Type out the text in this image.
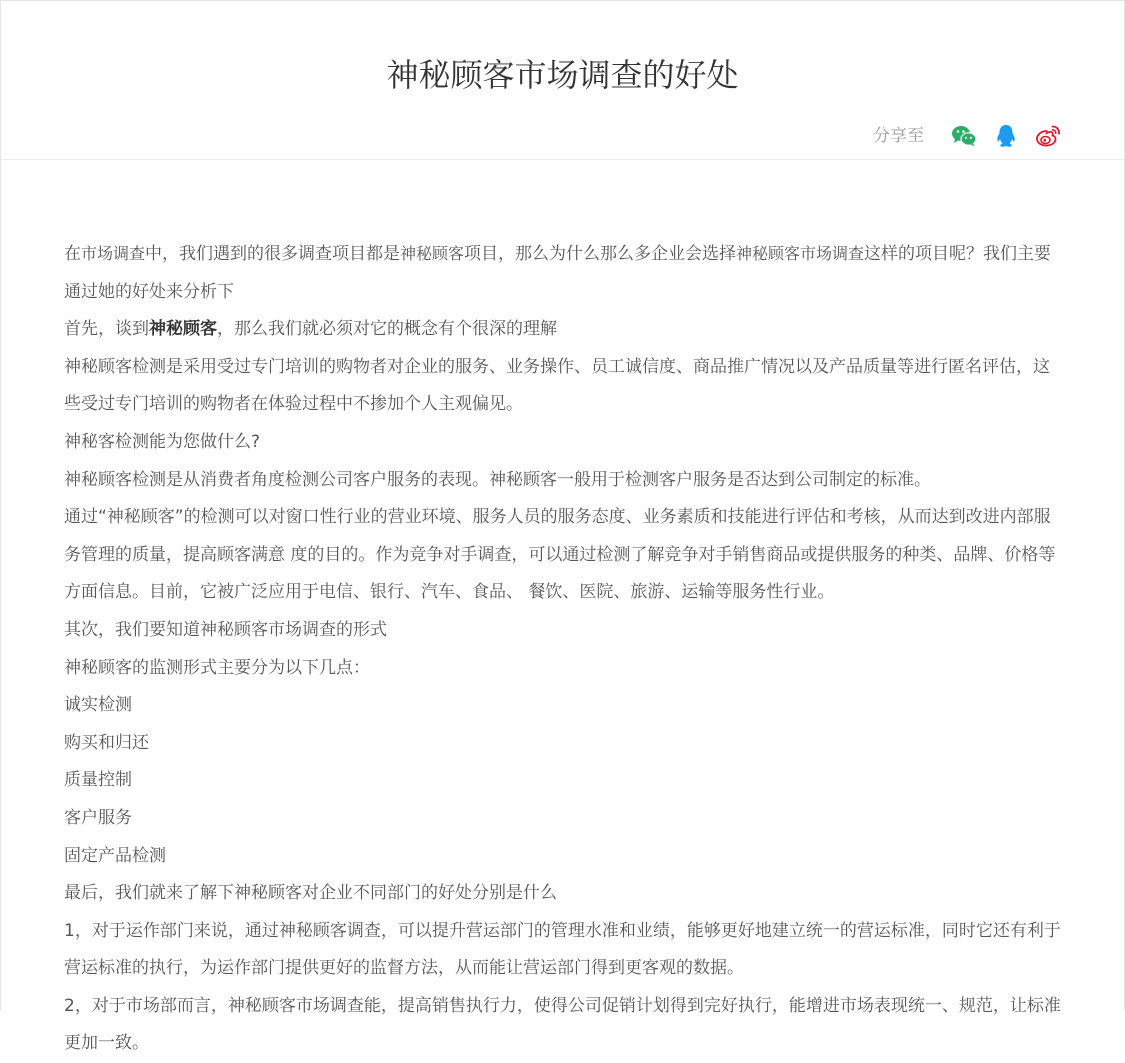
神秘顾客市场调查的好处
分享至

在市场调查中，我们遇到的很多调查项目都是神秘顾客项目，那么为什么那么多企业会选择神秘顾客市场调查这样的项目呢？我们主要通过她的好处来分析下

首先，谈到神秘顾客，那么我们就必须对它的概念有个很深的理解

神秘顾客检测是采用受过专门培训的购物者对企业的服务、业务操作、员工诚信度、商品推广情况以及产品质量等进行匿名评估，这些受过专门培训的购物者在体验过程中不掺加个人主观偏见。

神秘客检测能为您做什么?

神秘顾客检测是从消费者角度检测公司客户服务的表现。神秘顾客一般用于检测客户服务是否达到公司制定的标准。

通过“神秘顾客”的检测可以对窗口性行业的营业环境、服务人员的服务态度、业务素质和技能进行评估和考核，从而达到改进内部服务管理的质量，提高顾客满意 度的目的。作为竞争对手调查，可以通过检测了解竞争对手销售商品或提供服务的种类、品牌、价格等方面信息。目前，它被广泛应用于电信、银行、汽车、食品、 餐饮、医院、旅游、运输等服务性行业。

其次，我们要知道神秘顾客市场调查的形式

神秘顾客的监测形式主要分为以下几点：

诚实检测

购买和归还

质量控制

客户服务

固定产品检测

最后，我们就来了解下神秘顾客对企业不同部门的好处分别是什么

1，对于运作部门来说，通过神秘顾客调查，可以提升营运部门的管理水准和业绩，能够更好地建立统一的营运标准，同时它还有利于营运标准的执行，为运作部门提供更好的监督方法，从而能让营运部门得到更客观的数据。

2，对于市场部而言，神秘顾客市场调查能，提高销售执行力，使得公司促销计划得到完好执行，能增进市场表现统一、规范，让标准更加一致。
